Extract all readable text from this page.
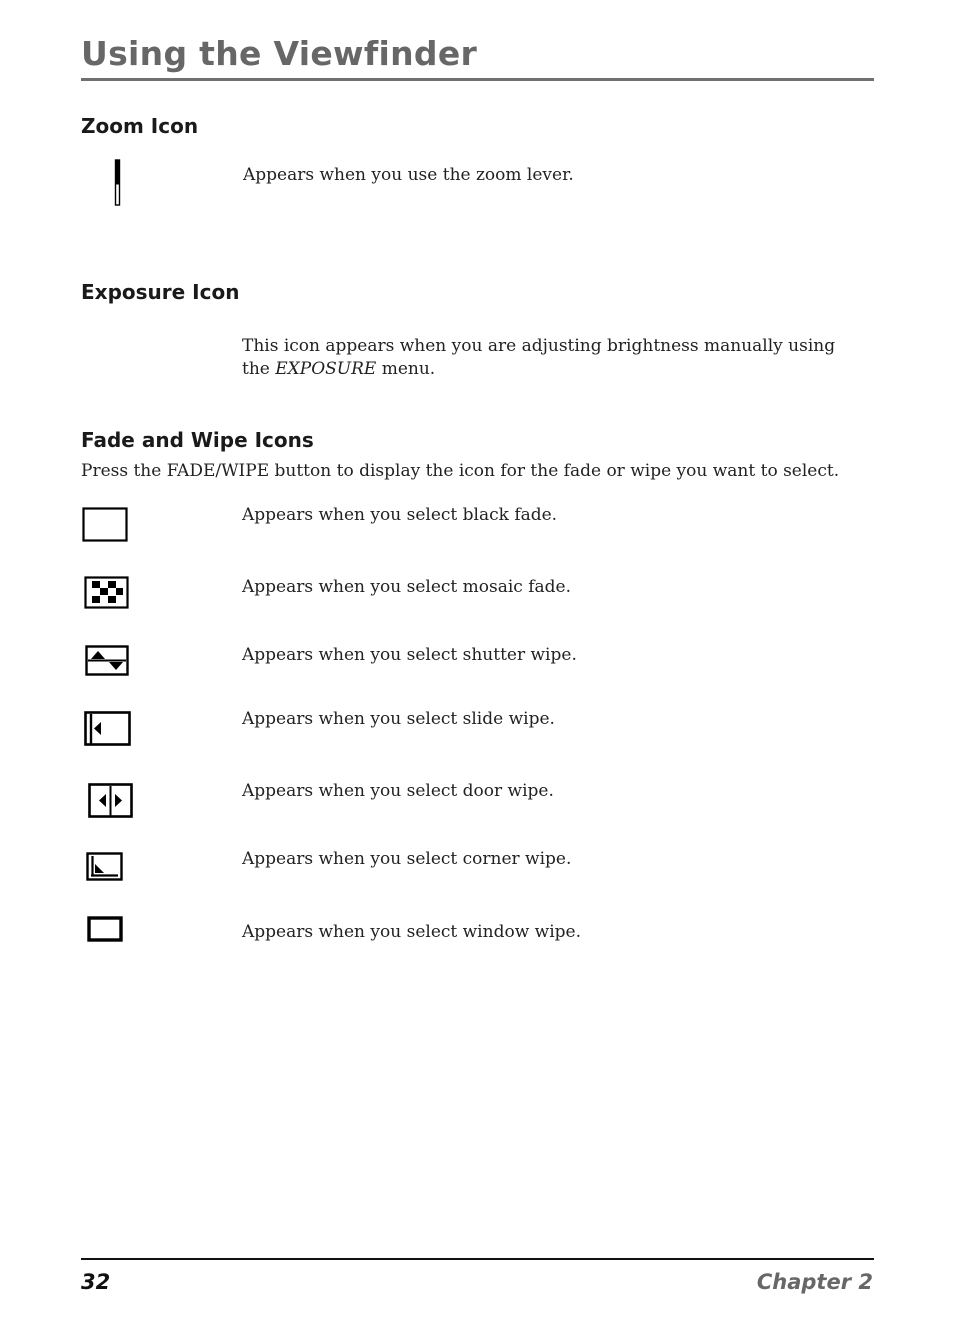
Using the Viewfinder
Zoom Icon

Appears when you use the zoom lever.

Exposure Icon

This icon appears when you are adjusting brightness manually using the EXPOSURE menu.

Fade and Wipe Icons

Press the FADE/WIPE button to display the icon for the fade or wipe you want to select.

Appears when you select black fade.

Appears when you select mosaic fade.

Appears when you select shutter wipe.

Appears when you select slide wipe.

Appears when you select door wipe.

Appears when you select corner wipe.

Appears when you select window wipe.

32	Chapter 2
